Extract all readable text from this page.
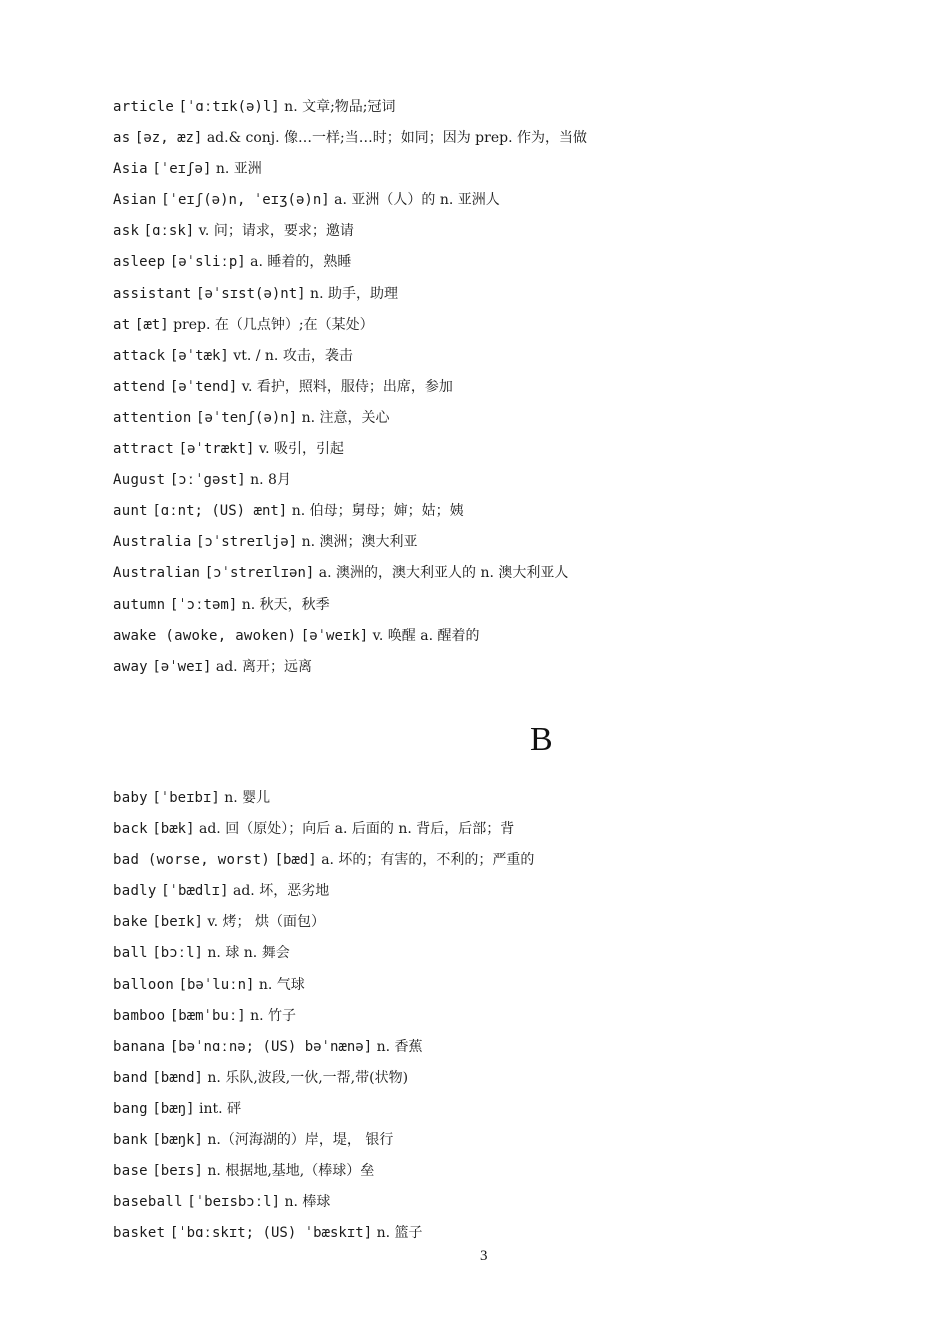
article [ˈɑːtɪk(ə)l] n. 文章;物品;冠词
as [əz, æz] ad.& conj. 像…一样;当…时；如同；因为 prep. 作为，当做
Asia [ˈeɪʃə] n. 亚洲
Asian [ˈeɪʃ(ə)n, ˈeɪʒ(ə)n] a. 亚洲（人）的 n. 亚洲人
ask [ɑːsk] v. 问；请求，要求；邀请
asleep [əˈsliːp] a. 睡着的，熟睡
assistant [əˈsɪst(ə)nt] n. 助手，助理
at [æt] prep. 在（几点钟）;在（某处）
attack [əˈtæk] vt. / n. 攻击，袭击
attend [əˈtend] v. 看护，照料，服侍；出席，参加
attention [əˈtenʃ(ə)n] n. 注意，关心
attract [əˈtrækt] v. 吸引，引起
August [ɔːˈgəst] n. 8月
aunt [ɑːnt; (US) ænt] n. 伯母；舅母；婶；姑；姨
Australia [ɔˈstreɪljə] n. 澳洲；澳大利亚
Australian [ɔˈstreɪlɪən] a. 澳洲的，澳大利亚人的 n. 澳大利亚人
autumn [ˈɔːtəm] n. 秋天，秋季
awake (awoke, awoken) [əˈweɪk] v. 唤醒 a. 醒着的
away [əˈweɪ] ad. 离开；远离
B
baby [ˈbeɪbɪ] n. 婴儿
back [bæk] ad. 回（原处）；向后 a. 后面的 n. 背后，后部；背
bad (worse, worst) [bæd] a. 坏的；有害的，不利的；严重的
badly [ˈbædlɪ] ad. 坏，恶劣地
bake [beɪk] v. 烤； 烘（面包）
ball [bɔːl] n. 球 n. 舞会
balloon [bəˈluːn] n. 气球
bamboo [bæmˈbuː] n. 竹子
banana [bəˈnɑːnə; (US) bəˈnænə] n. 香蕉
band [bænd] n. 乐队,波段,一伙,一帮,带(状物)
bang [bæŋ] int. 砰
bank [bæŋk] n.（河海湖的）岸，堤， 银行
base [beɪs] n. 根据地,基地,（棒球）垒
baseball [ˈbeɪsbɔːl] n. 棒球
basket [ˈbɑːskɪt; (US) ˈbæskɪt] n. 篮子
3
